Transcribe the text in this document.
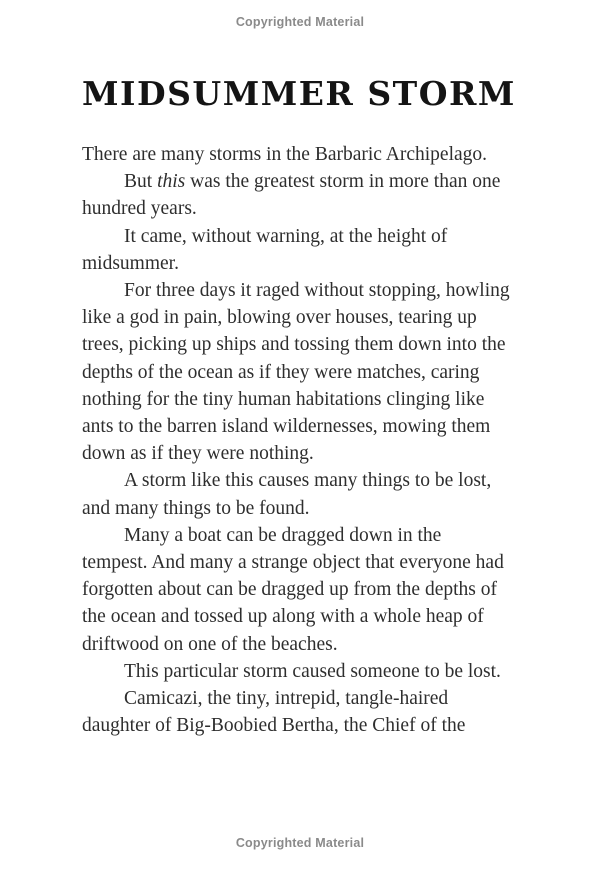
Copyrighted Material
MIDSUMMER STORM
There are many storms in the Barbaric Archipelago.
But this was the greatest storm in more than one
hundred years.
It came, without warning, at the height of
midsummer.
For three days it raged without stopping, howling
like a god in pain, blowing over houses, tearing up
trees, picking up ships and tossing them down into the
depths of the ocean as if they were matches, caring
nothing for the tiny human habitations clinging like
ants to the barren island wildernesses, mowing them
down as if they were nothing.
A storm like this causes many things to be lost,
and many things to be found.
Many a boat can be dragged down in the
tempest. And many a strange object that everyone had
forgotten about can be dragged up from the depths of
the ocean and tossed up along with a whole heap of
driftwood on one of the beaches.
This particular storm caused someone to be lost.
Camicazi, the tiny, intrepid, tangle-haired
daughter of Big-Boobied Bertha, the Chief of the
Copyrighted Material
